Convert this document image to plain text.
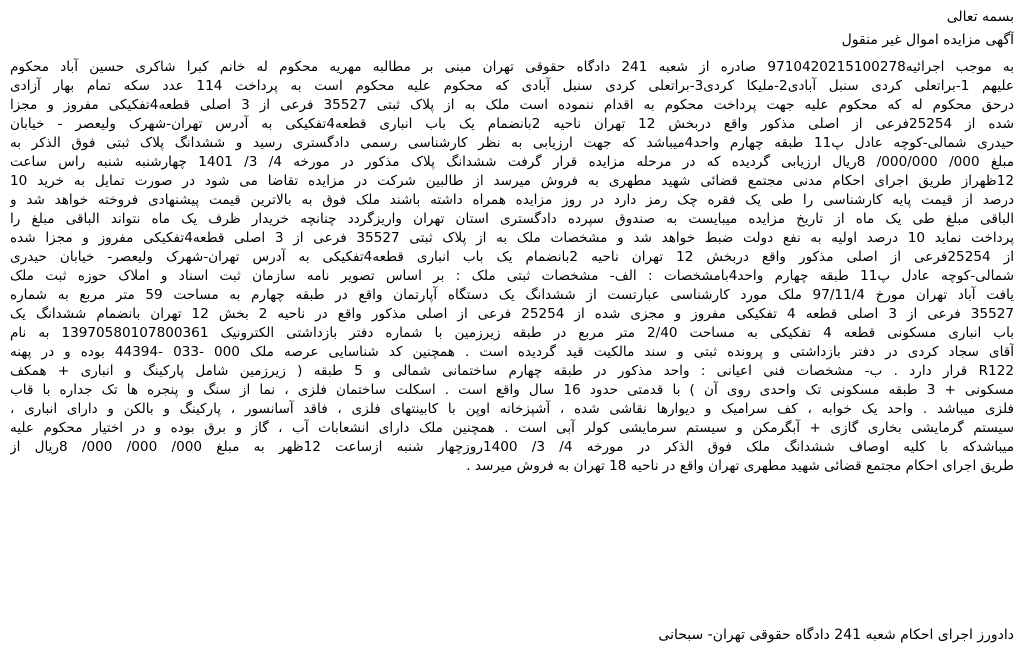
بسمه تعالی
آگهی مزایده اموال غیر منقول
به موجب اجرائیه9710420215100278 صادره از شعبه 241 دادگاه حقوقی تهران مبنی بر مطالبه مهریه محکوم له خانم کبرا شاکری حسین آباد محکوم
علیهم 1-براتعلی کردی سنبل آبادی2-ملیکا کردی3-براتعلی کردی سنبل آبادی که محکوم علیه محکوم است به پرداخت 114 عدد سکه تمام بهار آزادی
درحق محکوم له که محکوم علیه جهت پرداخت محکوم به اقدام ننموده است ملک به از پلاک ثبتی 35527 فرعی از 3 اصلی قطعه4تفکیکی مفروز و مجزا
شده از 25254فرعی از اصلی مذکور واقع دربخش 12 تهران ناحیه 2بانضمام یک باب انباری قطعه4تفکیکی به آدرس تهران-شهرک ولیعصر - خیابان
حیدری شمالی-کوچه عادل پ11 طبقه چهارم واحد4میباشد که جهت ارزیابی به نظر کارشناسی رسمی دادگستری رسید و ششدانگ پلاک ثبتی فوق الذکر به
مبلغ 000/ 000/000/ 8ریال ارزیابی گردیده که در مرحله مزایده قرار گرفت ششدانگ پلاک مذکور در مورخه 4/ 3/ 1401 چهارشنبه شنبه راس ساعت
12ظهراز طریق اجرای احکام مدنی مجتمع قضائی شهید مطهری به فروش میرسد از طالبین شرکت در مزایده تقاضا می شود در صورت تمایل به خرید 10
درصد از قیمت پایه کارشناسی را طی یک فقره چک رمز دارد در روز مزایده همراه داشته باشند ملک فوق به بالاترین قیمت پیشنهادی فروخته خواهد شد و
الباقی مبلغ طی یک ماه از تاریخ مزایده میبایست به صندوق سپرده دادگستری استان تهران واریزگردد چنانچه خریدار ظرف یک ماه نتواند الباقی مبلغ را
پرداخت نماید 10 درصد اولیه به نفع دولت ضبط خواهد شد و مشخصات ملک به از پلاک ثبتی 35527 فرعی از 3 اصلی قطعه4تفکیکی مفروز و مجزا شده
از 25254فرعی از اصلی مذکور واقع دربخش 12 تهران ناحیه 2بانضمام یک باب انباری قطعه4تفکیکی به آدرس تهران-شهرک ولیعصر- خیابان حیدری
شمالی-کوچه عادل پ11 طبقه چهارم واحد4بامشخصات : الف- مشخصات ثبتی ملک : بر اساس تصویر نامه سازمان ثبت اسناد و املاک حوزه ثبت ملک
یافت آباد تهران مورخ 97/11/4 ملک مورد کارشناسی عبارتست از ششدانگ یک دستگاه آپارتمان واقع در طبقه چهارم به مساحت 59 متر مربع به شماره
35527 فرعی از 3 اصلی قطعه 4 تفکیکی مفروز و مجزی شده از 25254 فرعی از اصلی مذکور واقع در ناحیه 2 بخش 12 تهران بانضمام ششدانگ یک
باب انباری مسکونی قطعه 4 تفکیکی به مساحت 2/40 متر مربع در طبقه زیرزمین با شماره دفتر بازداشتی الکترونیک 13970580107800361 به نام
آقای سجاد کردی در دفتر بازداشتی و پرونده ثبتی و سند مالکیت قید گردیده است . همچنین کد شناسایی عرصه ملک 000 -033 -44394 بوده و در پهنه
R122 قرار دارد . ب- مشخصات فنی اعیانی : واحد مذکور در طبقه چهارم ساختمانی شمالی و 5 طبقه ( زیرزمین شامل پارکینگ و انباری + همکف
مسکونی + 3 طبقه مسکونی تک واحدی روی آن ) با قدمتی حدود 16 سال واقع است . اسکلت ساختمان فلزی ، نما از سنگ و پنجره ها تک جداره با قاب
فلزی میباشد . واحد یک خوابه ، کف سرامیک و دیوارها نقاشی شده ، آشپزخانه اوپن با کابینتهای فلزی ، فاقد آسانسور ، پارکینگ و بالکن و دارای انباری ،
سیستم گرمایشی بخاری گازی + آبگرمکن و سیستم سرمایشی کولر آبی است . همچنین ملک دارای انشعابات آب ، گاز و برق بوده و در اختیار محکوم علیه
میباشدکه با کلیه اوصاف ششدانگ ملک فوق الذکر در مورخه 4/ 3/ 1400روزچهار شنبه ازساعت 12ظهر به مبلغ 000/ 000/ 000/ 8ریال از
طریق اجرای احکام مجتمع قضائی شهید مطهری تهران واقع در ناحیه 18 تهران به فروش میرسد .
دادورز اجرای احکام شعبه 241 دادگاه حقوقی تهران- سبحانی
